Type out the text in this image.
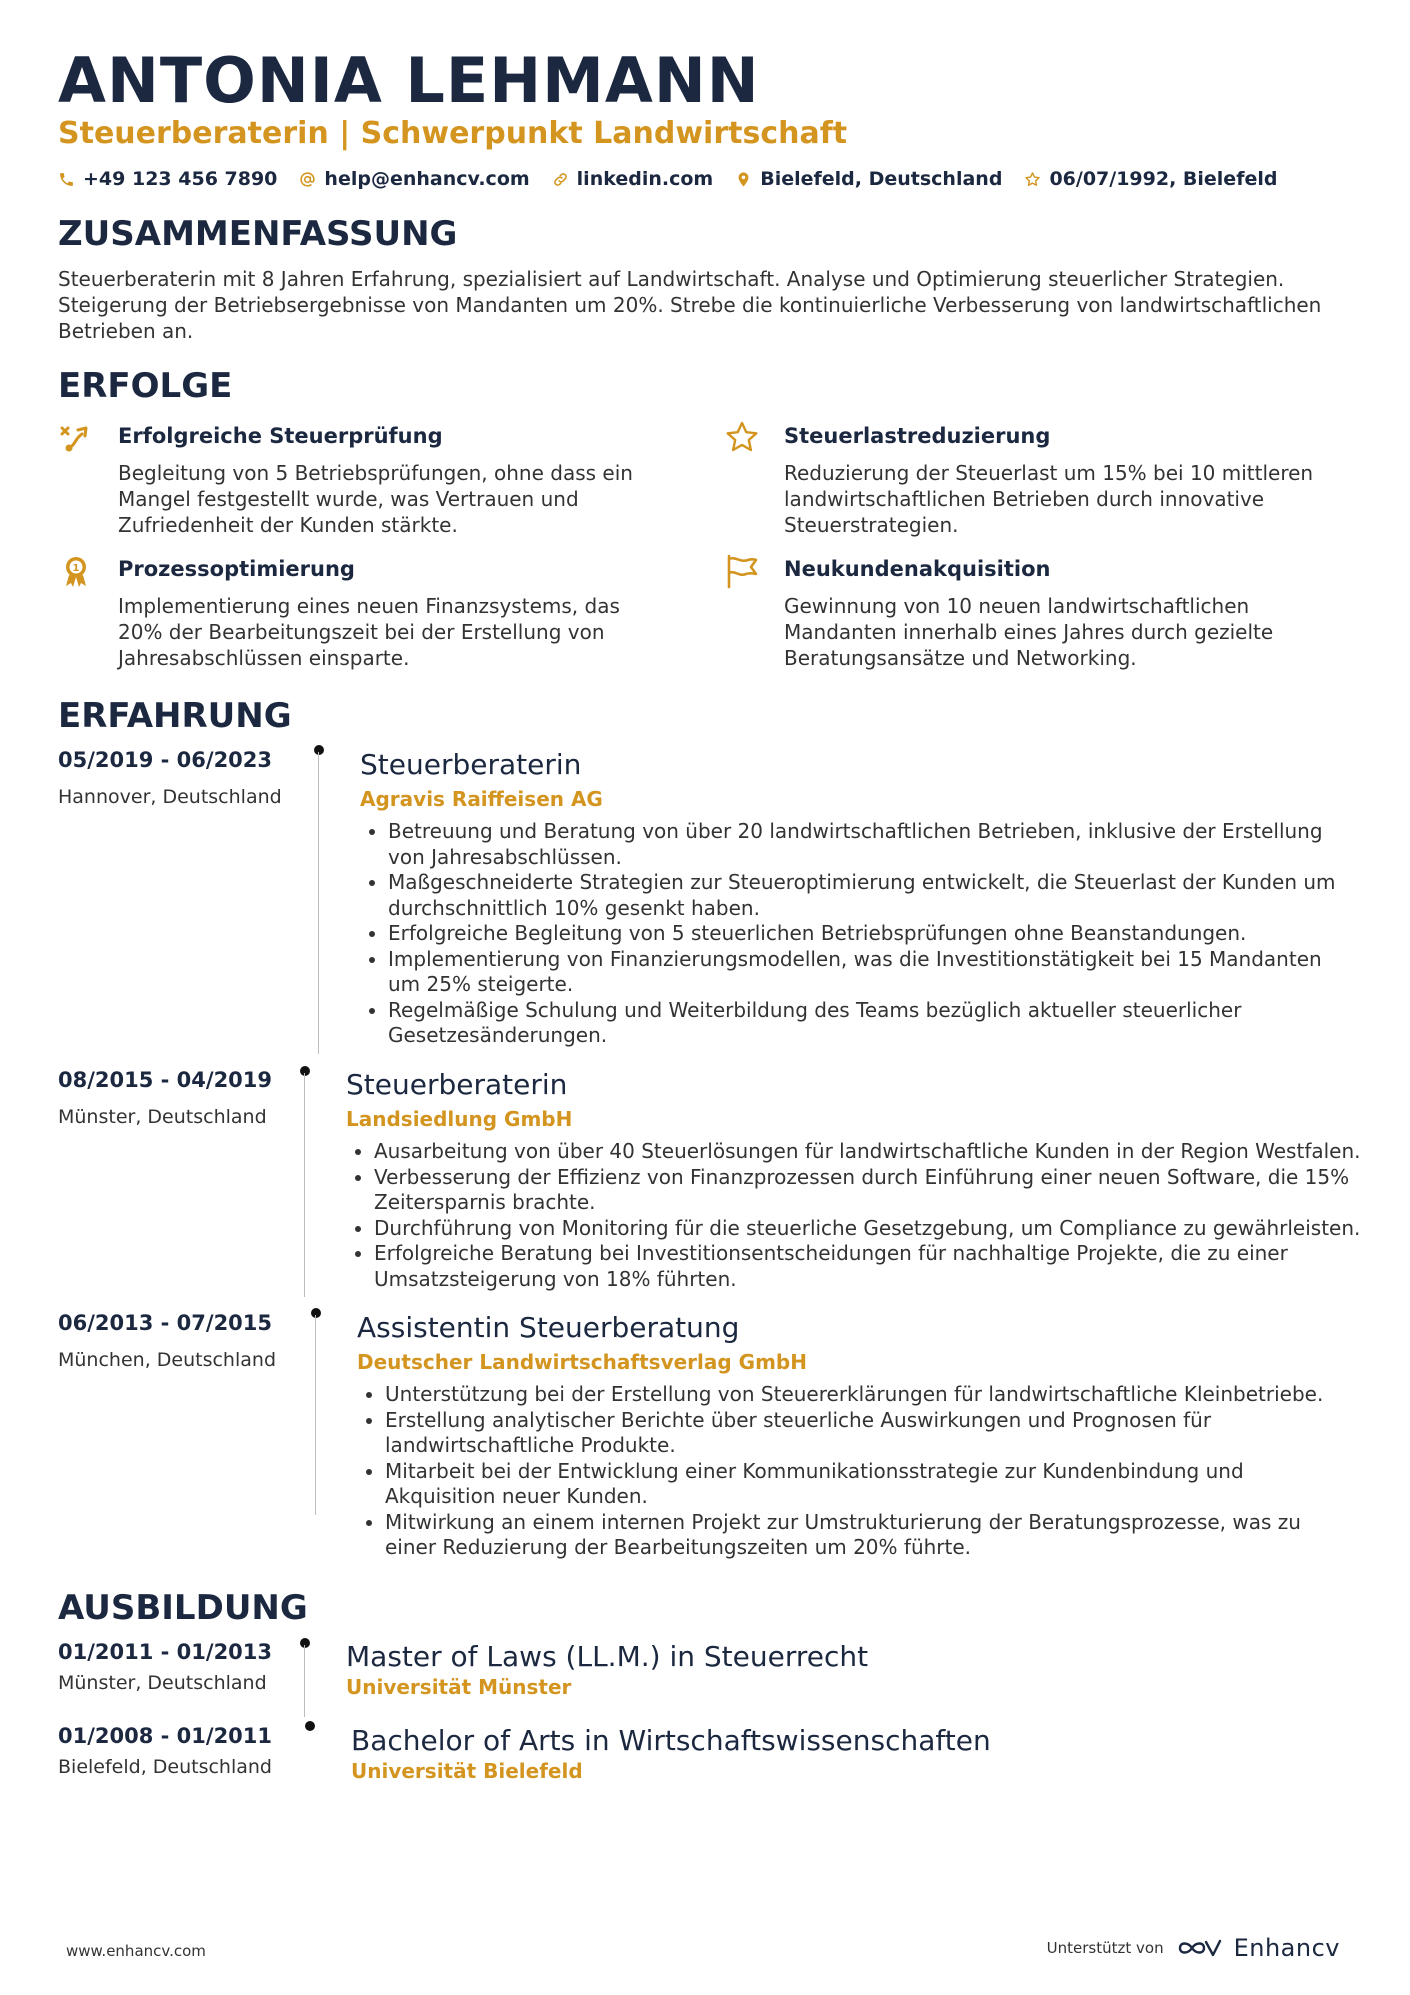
ANTONIA LEHMANN
Steuerberaterin | Schwerpunkt Landwirtschaft
+49 123 456 7890 help@enhancv.com linkedin.com Bielefeld, Deutschland 06/07/1992, Bielefeld
ZUSAMMENFASSUNG
Steuerberaterin mit 8 Jahren Erfahrung, spezialisiert auf Landwirtschaft. Analyse und Optimierung steuerlicher Strategien. Steigerung der Betriebsergebnisse von Mandanten um 20%. Strebe die kontinuierliche Verbesserung von landwirtschaftlichen Betrieben an.
ERFOLGE
Erfolgreiche Steuerprüfung
Begleitung von 5 Betriebsprüfungen, ohne dass ein Mangel festgestellt wurde, was Vertrauen und Zufriedenheit der Kunden stärkte.
Steuerlastreduzierung
Reduzierung der Steuerlast um 15% bei 10 mittleren landwirtschaftlichen Betrieben durch innovative Steuerstrategien.
1 Prozessoptimierung
Implementierung eines neuen Finanzsystems, das 20% der Bearbeitungszeit bei der Erstellung von Jahresabschlüssen einsparte.
Neukundenakquisition
Gewinnung von 10 neuen landwirtschaftlichen Mandanten innerhalb eines Jahres durch gezielte Beratungsansätze und Networking.
ERFAHRUNG
05/2019 - 06/2023
Hannover, Deutschland
Steuerberaterin
Agravis Raiffeisen AG
• Betreuung und Beratung von über 20 landwirtschaftlichen Betrieben, inklusive der Erstellung von Jahresabschlüssen.
• Maßgeschneiderte Strategien zur Steueroptimierung entwickelt, die Steuerlast der Kunden um durchschnittlich 10% gesenkt haben.
• Erfolgreiche Begleitung von 5 steuerlichen Betriebsprüfungen ohne Beanstandungen.
• Implementierung von Finanzierungsmodellen, was die Investitionstätigkeit bei 15 Mandanten um 25% steigerte.
• Regelmäßige Schulung und Weiterbildung des Teams bezüglich aktueller steuerlicher Gesetzesänderungen.
08/2015 - 04/2019
Münster, Deutschland
Steuerberaterin
Landsiedlung GmbH
• Ausarbeitung von über 40 Steuerlösungen für landwirtschaftliche Kunden in der Region Westfalen.
• Verbesserung der Effizienz von Finanzprozessen durch Einführung einer neuen Software, die 15% Zeitersparnis brachte.
• Durchführung von Monitoring für die steuerliche Gesetzgebung, um Compliance zu gewährleisten.
• Erfolgreiche Beratung bei Investitionsentscheidungen für nachhaltige Projekte, die zu einer Umsatzsteigerung von 18% führten.
06/2013 - 07/2015
München, Deutschland
Assistentin Steuerberatung
Deutscher Landwirtschaftsverlag GmbH
• Unterstützung bei der Erstellung von Steuererklärungen für landwirtschaftliche Kleinbetriebe.
• Erstellung analytischer Berichte über steuerliche Auswirkungen und Prognosen für landwirtschaftliche Produkte.
• Mitarbeit bei der Entwicklung einer Kommunikationsstrategie zur Kundenbindung und Akquisition neuer Kunden.
• Mitwirkung an einem internen Projekt zur Umstrukturierung der Beratungsprozesse, was zu einer Reduzierung der Bearbeitungszeiten um 20% führte.
AUSBILDUNG
01/2011 - 01/2013
Münster, Deutschland
Master of Laws (LL.M.) in Steuerrecht
Universität Münster
01/2008 - 01/2011
Bielefeld, Deutschland
Bachelor of Arts in Wirtschaftswissenschaften
Universität Bielefeld
www.enhancv.com	Unterstützt von	Enhancv
